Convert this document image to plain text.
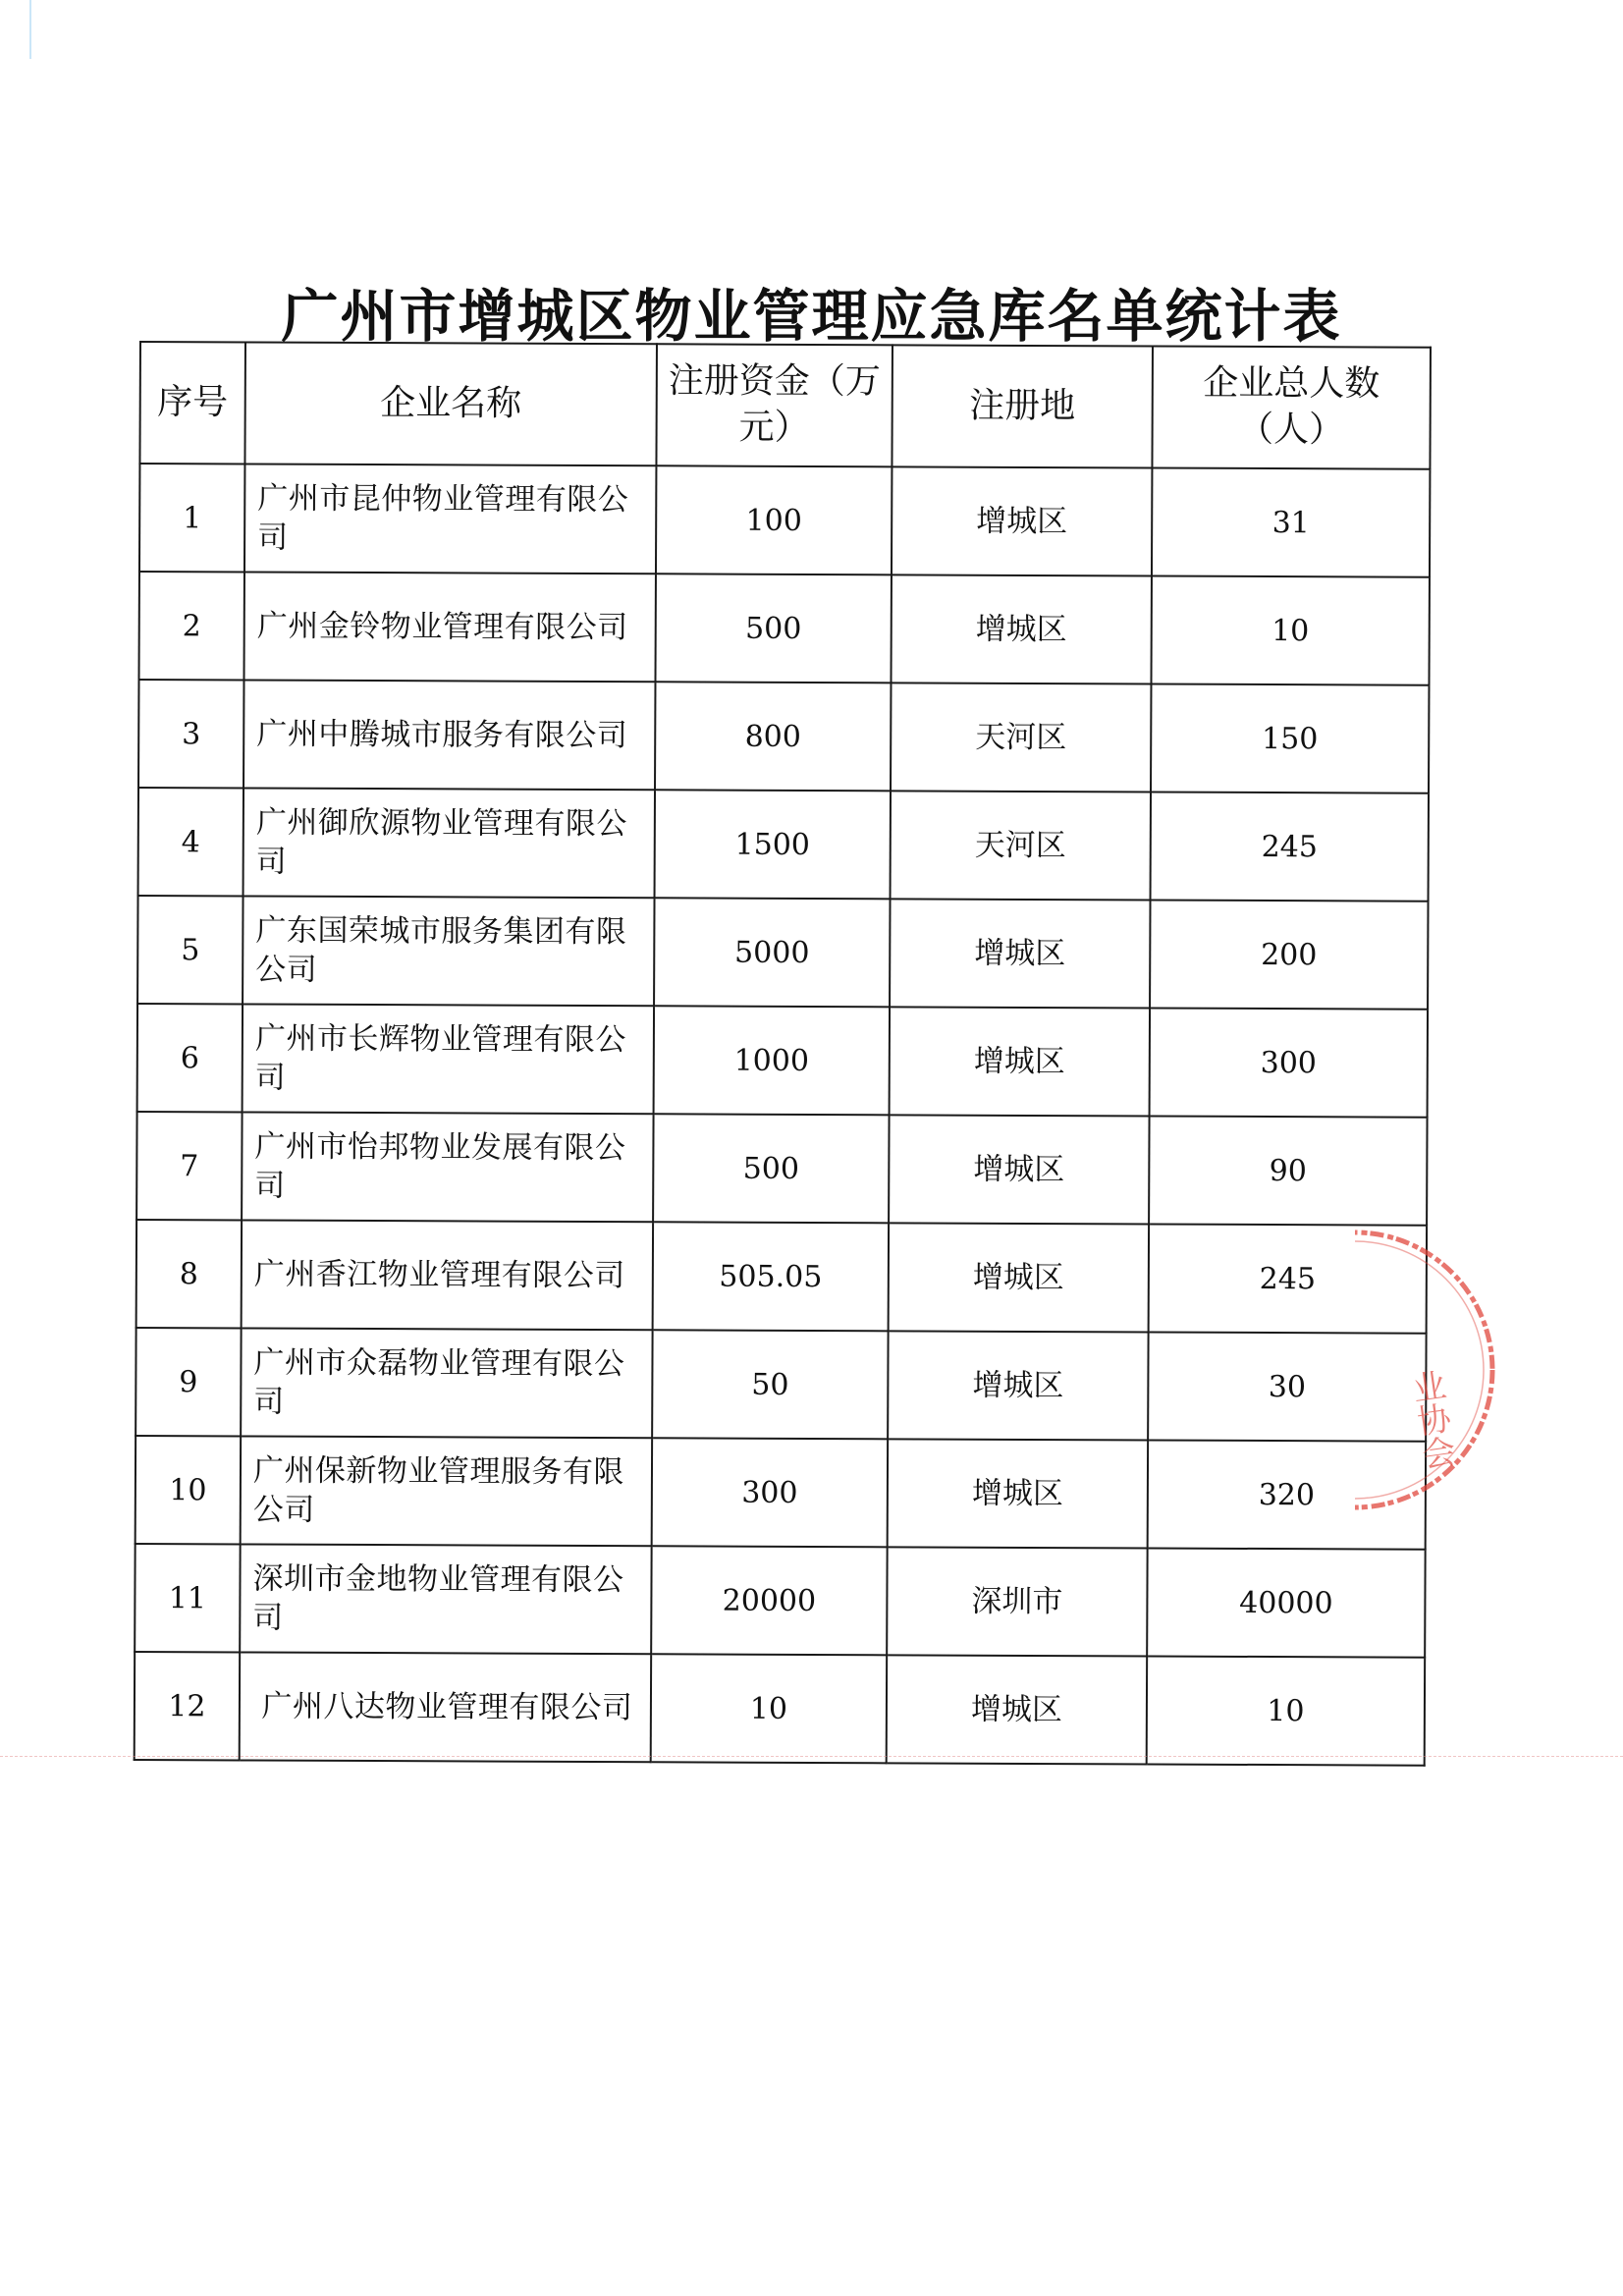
广州市增城区物业管理应急库名单统计表
序号	企业名称	注册资金（万元）	注册地	企业总人数（人）
1	广州市昆仲物业管理有限公司	100	增城区	31
2	广州金铃物业管理有限公司	500	增城区	10
3	广州中腾城市服务有限公司	800	天河区	150
4	广州御欣源物业管理有限公司	1500	天河区	245
5	广东国荣城市服务集团有限公司	5000	增城区	200
6	广州市长辉物业管理有限公司	1000	增城区	300
7	广州市怡邦物业发展有限公司	500	增城区	90
8	广州香江物业管理有限公司	505.05	增城区	245
9	广州市众磊物业管理有限公司	50	增城区	30
10	广州保新物业管理服务有限公司	300	增城区	320
11	深圳市金地物业管理有限公司	20000	深圳市	40000
12	广州八达物业管理有限公司	10	增城区	10
业协会
